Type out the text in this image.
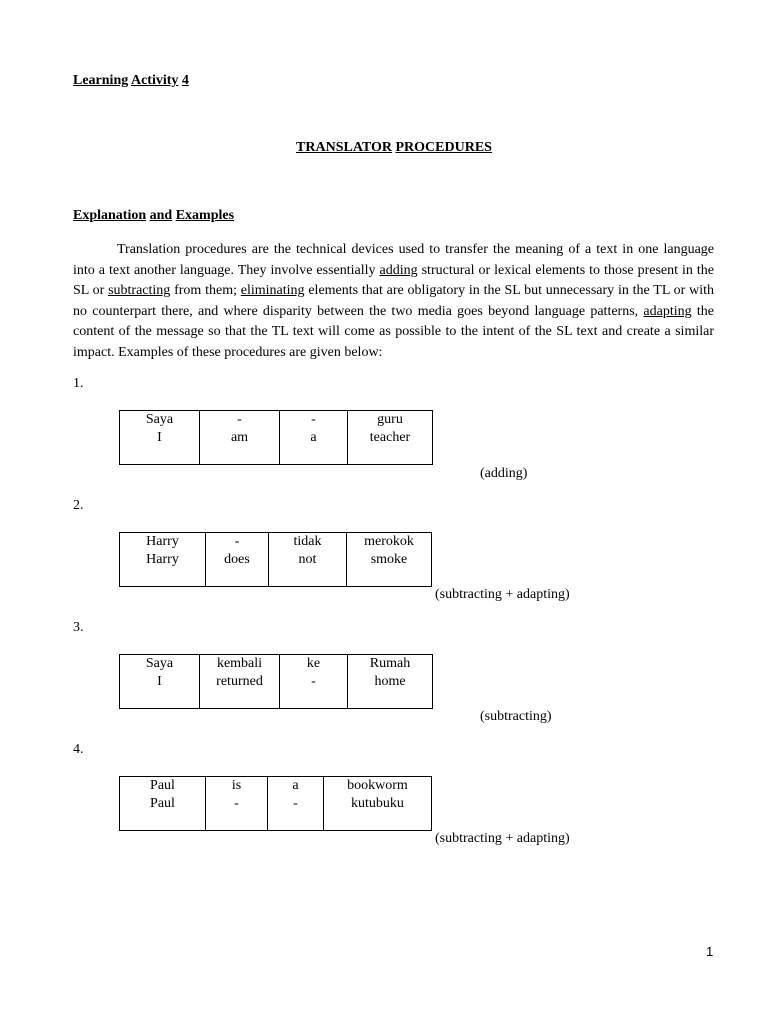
Learning Activity 4
TRANSLATOR PROCEDURES
Explanation and Examples
Translation procedures are the technical devices used to transfer the meaning of a text in one language into a text another language. They involve essentially adding structural or lexical elements to those present in the SL or subtracting from them; eliminating elements that are obligatory in the SL but unnecessary in the TL or with no counterpart there, and where disparity between the two media goes beyond language patterns, adapting the content of the message so that the TL text will come as possible to the intent of the SL text and create a similar impact. Examples of these procedures are given below:
1.
Saya
I

-
am

-
a

guru
teacher
(adding)
2.
Harry
Harry

-
does

tidak
not

merokok
smoke
(subtracting + adapting)
3.
Saya
I

kembali
returned

ke
-

Rumah
home
(subtracting)
4.
Paul
Paul

is
-

a
-

bookworm
kutubuku
(subtracting + adapting)
1
